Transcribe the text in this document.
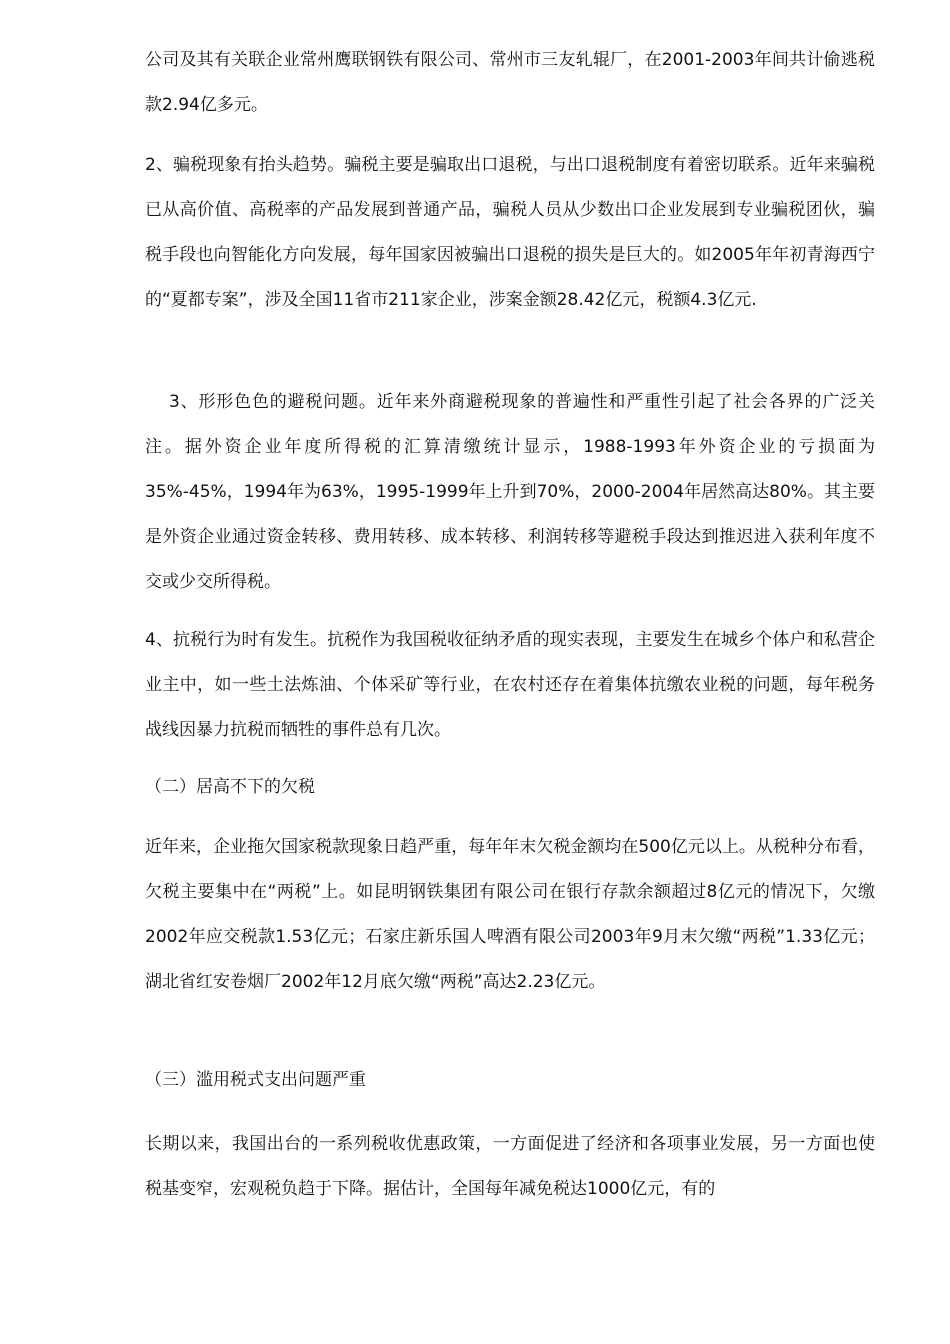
公司及其有关联企业常州鹰联钢铁有限公司、常州市三友轧辊厂，在2001-2003年间共计偷逃税款2.94亿多元。

2、骗税现象有抬头趋势。骗税主要是骗取出口退税，与出口退税制度有着密切联系。近年来骗税已从高价值、高税率的产品发展到普通产品，骗税人员从少数出口企业发展到专业骗税团伙，骗税手段也向智能化方向发展，每年国家因被骗出口退税的损失是巨大的。如2005年年初青海西宁的“夏都专案”，涉及全国11省市211家企业，涉案金额28.42亿元，税额4.3亿元.

3、形形色色的避税问题。近年来外商避税现象的普遍性和严重性引起了社会各界的广泛关注。据外资企业年度所得税的汇算清缴统计显示，1988-1993年外资企业的亏损面为35%-45%，1994年为63%，1995-1999年上升到70%，2000-2004年居然高达80%。其主要是外资企业通过资金转移、费用转移、成本转移、利润转移等避税手段达到推迟进入获利年度不交或少交所得税。

4、抗税行为时有发生。抗税作为我国税收征纳矛盾的现实表现，主要发生在城乡个体户和私营企业主中，如一些土法炼油、个体采矿等行业，在农村还存在着集体抗缴农业税的问题，每年税务战线因暴力抗税而牺牲的事件总有几次。

（二）居高不下的欠税

近年来，企业拖欠国家税款现象日趋严重，每年年末欠税金额均在500亿元以上。从税种分布看，欠税主要集中在“两税”上。如昆明钢铁集团有限公司在银行存款余额超过8亿元的情况下，欠缴2002年应交税款1.53亿元；石家庄新乐国人啤酒有限公司2003年9月末欠缴“两税”1.33亿元；湖北省红安卷烟厂2002年12月底欠缴“两税”高达2.23亿元。

（三）滥用税式支出问题严重

长期以来，我国出台的一系列税收优惠政策，一方面促进了经济和各项事业发展，另一方面也使税基变窄，宏观税负趋于下降。据估计，全国每年减免税达1000亿元，有的
